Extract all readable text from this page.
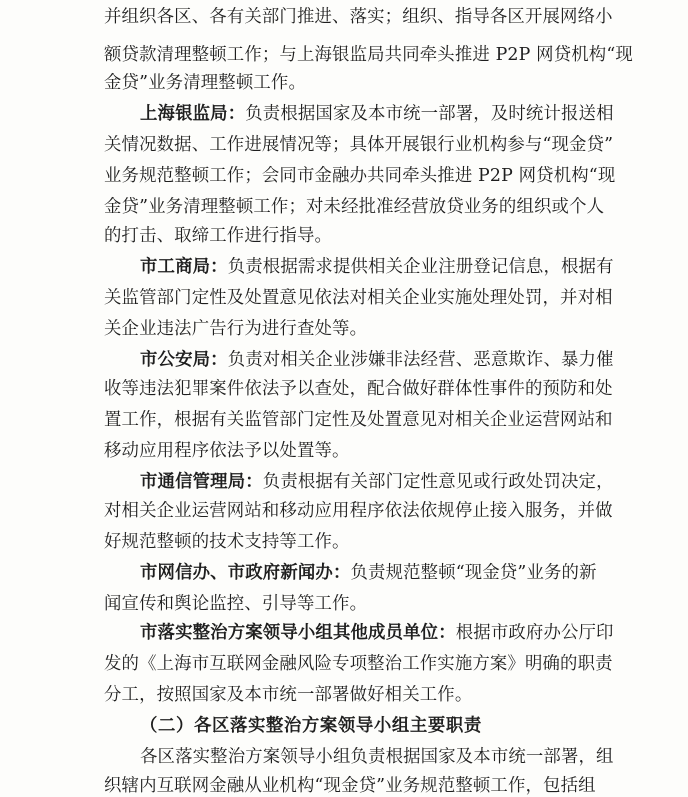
并组织各区、各有关部门推进、落实；组织、指导各区开展网络小
额贷款清理整顿工作；与上海银监局共同牵头推进 P2P 网贷机构“现
金贷”业务清理整顿工作。
上海银监局：负责根据国家及本市统一部署，及时统计报送相
关情况数据、工作进展情况等；具体开展银行业机构参与“现金贷”
业务规范整顿工作；会同市金融办共同牵头推进 P2P 网贷机构“现
金贷”业务清理整顿工作；对未经批准经营放贷业务的组织或个人
的打击、取缔工作进行指导。
市工商局：负责根据需求提供相关企业注册登记信息，根据有
关监管部门定性及处置意见依法对相关企业实施处理处罚，并对相
关企业违法广告行为进行查处等。
市公安局：负责对相关企业涉嫌非法经营、恶意欺诈、暴力催
收等违法犯罪案件依法予以查处，配合做好群体性事件的预防和处
置工作，根据有关监管部门定性及处置意见对相关企业运营网站和
移动应用程序依法予以处置等。
市通信管理局：负责根据有关部门定性意见或行政处罚决定，
对相关企业运营网站和移动应用程序依法依规停止接入服务，并做
好规范整顿的技术支持等工作。
市网信办、市政府新闻办：负责规范整顿“现金贷”业务的新
闻宣传和舆论监控、引导等工作。
市落实整治方案领导小组其他成员单位：根据市政府办公厅印
发的《上海市互联网金融风险专项整治工作实施方案》明确的职责
分工，按照国家及本市统一部署做好相关工作。
（二）各区落实整治方案领导小组主要职责
各区落实整治方案领导小组负责根据国家及本市统一部署，组
织辖内互联网金融从业机构“现金贷”业务规范整顿工作，包括组
